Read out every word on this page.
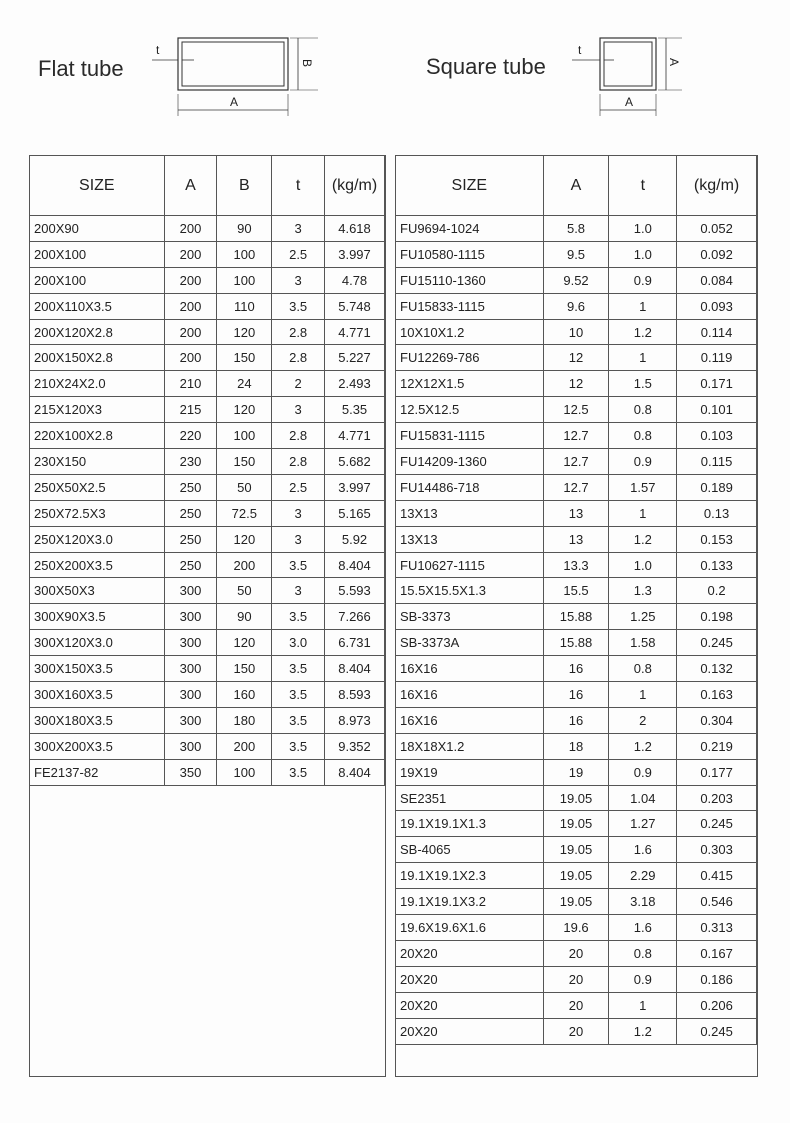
Flat tube
t
B
A
Square tube
t
A
A
SIZE	A	B	t	(kg/m)
200X90	200	90	3	4.618
200X100	200	100	2.5	3.997
200X100	200	100	3	4.78
200X110X3.5	200	110	3.5	5.748
200X120X2.8	200	120	2.8	4.771
200X150X2.8	200	150	2.8	5.227
210X24X2.0	210	24	2	2.493
215X120X3	215	120	3	5.35
220X100X2.8	220	100	2.8	4.771
230X150	230	150	2.8	5.682
250X50X2.5	250	50	2.5	3.997
250X72.5X3	250	72.5	3	5.165
250X120X3.0	250	120	3	5.92
250X200X3.5	250	200	3.5	8.404
300X50X3	300	50	3	5.593
300X90X3.5	300	90	3.5	7.266
300X120X3.0	300	120	3.0	6.731
300X150X3.5	300	150	3.5	8.404
300X160X3.5	300	160	3.5	8.593
300X180X3.5	300	180	3.5	8.973
300X200X3.5	300	200	3.5	9.352
FE2137-82	350	100	3.5	8.404
SIZE	A	t	(kg/m)
FU9694-1024	5.8	1.0	0.052
FU10580-1115	9.5	1.0	0.092
FU15110-1360	9.52	0.9	0.084
FU15833-1115	9.6	1	0.093
10X10X1.2	10	1.2	0.114
FU12269-786	12	1	0.119
12X12X1.5	12	1.5	0.171
12.5X12.5	12.5	0.8	0.101
FU15831-1115	12.7	0.8	0.103
FU14209-1360	12.7	0.9	0.115
FU14486-718	12.7	1.57	0.189
13X13	13	1	0.13
13X13	13	1.2	0.153
FU10627-1115	13.3	1.0	0.133
15.5X15.5X1.3	15.5	1.3	0.2
SB-3373	15.88	1.25	0.198
SB-3373A	15.88	1.58	0.245
16X16	16	0.8	0.132
16X16	16	1	0.163
16X16	16	2	0.304
18X18X1.2	18	1.2	0.219
19X19	19	0.9	0.177
SE2351	19.05	1.04	0.203
19.1X19.1X1.3	19.05	1.27	0.245
SB-4065	19.05	1.6	0.303
19.1X19.1X2.3	19.05	2.29	0.415
19.1X19.1X3.2	19.05	3.18	0.546
19.6X19.6X1.6	19.6	1.6	0.313
20X20	20	0.8	0.167
20X20	20	0.9	0.186
20X20	20	1	0.206
20X20	20	1.2	0.245
